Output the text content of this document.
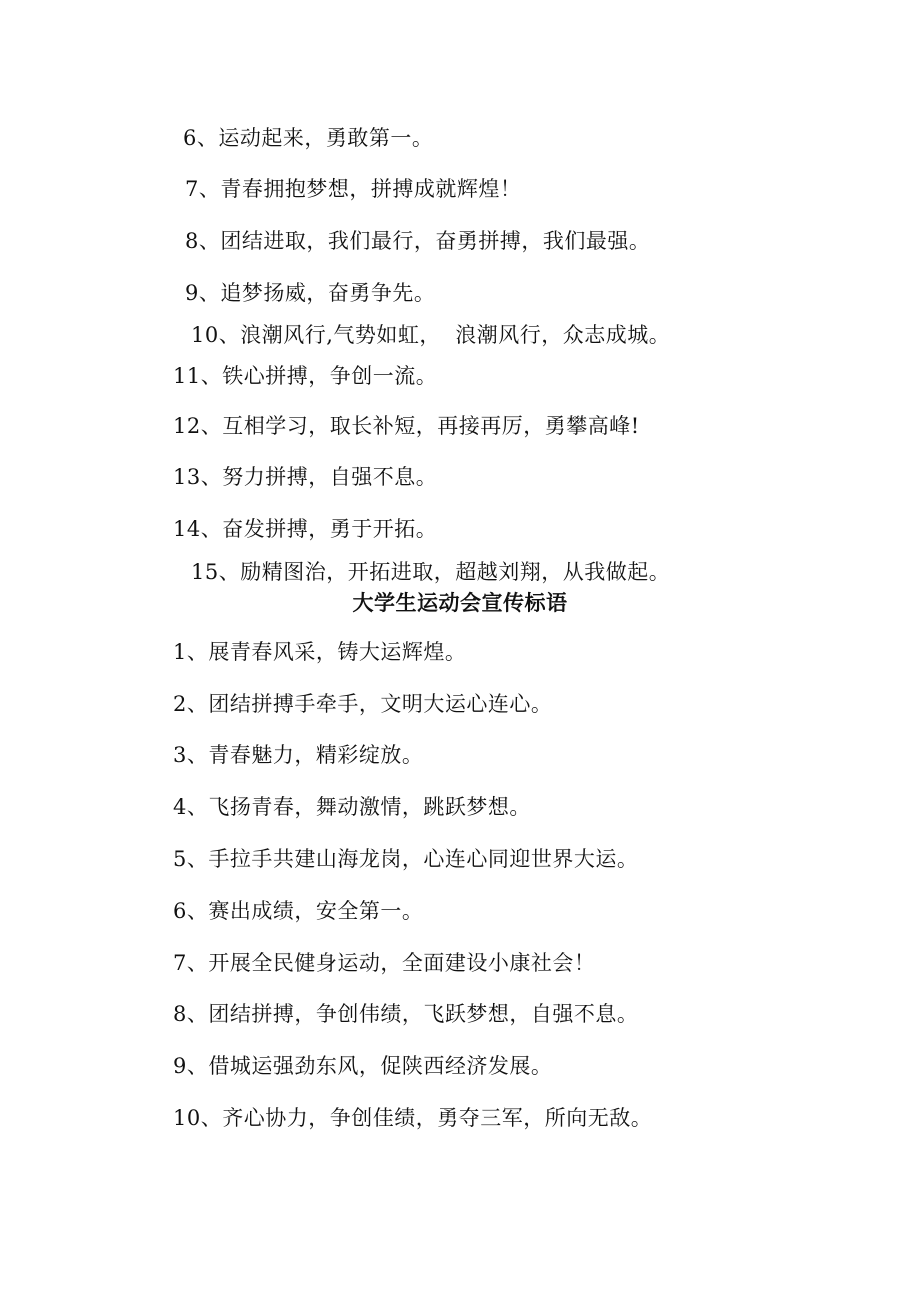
6、运动起来，勇敢第一。
7、青春拥抱梦想，拼搏成就辉煌！
8、团结进取，我们最行，奋勇拼搏，我们最强。
9、追梦扬威，奋勇争先。
10、浪潮风行,气势如虹，  浪潮风行，众志成城。
11、铁心拼搏，争创一流。
12、互相学习，取长补短，再接再厉，勇攀高峰!
13、努力拼搏，自强不息。
14、奋发拼搏，勇于开拓。
15、励精图治，开拓进取，超越刘翔，从我做起。
大学生运动会宣传标语
1、展青春风采，铸大运辉煌。
2、团结拼搏手牵手，文明大运心连心。
3、青春魅力，精彩绽放。
4、飞扬青春，舞动激情，跳跃梦想。
5、手拉手共建山海龙岗，心连心同迎世界大运。
6、赛出成绩，安全第一。
7、开展全民健身运动，全面建设小康社会！
8、团结拼搏，争创伟绩，飞跃梦想，自强不息。
9、借城运强劲东风，促陕西经济发展。
10、齐心协力，争创佳绩，勇夺三军，所向无敌。
